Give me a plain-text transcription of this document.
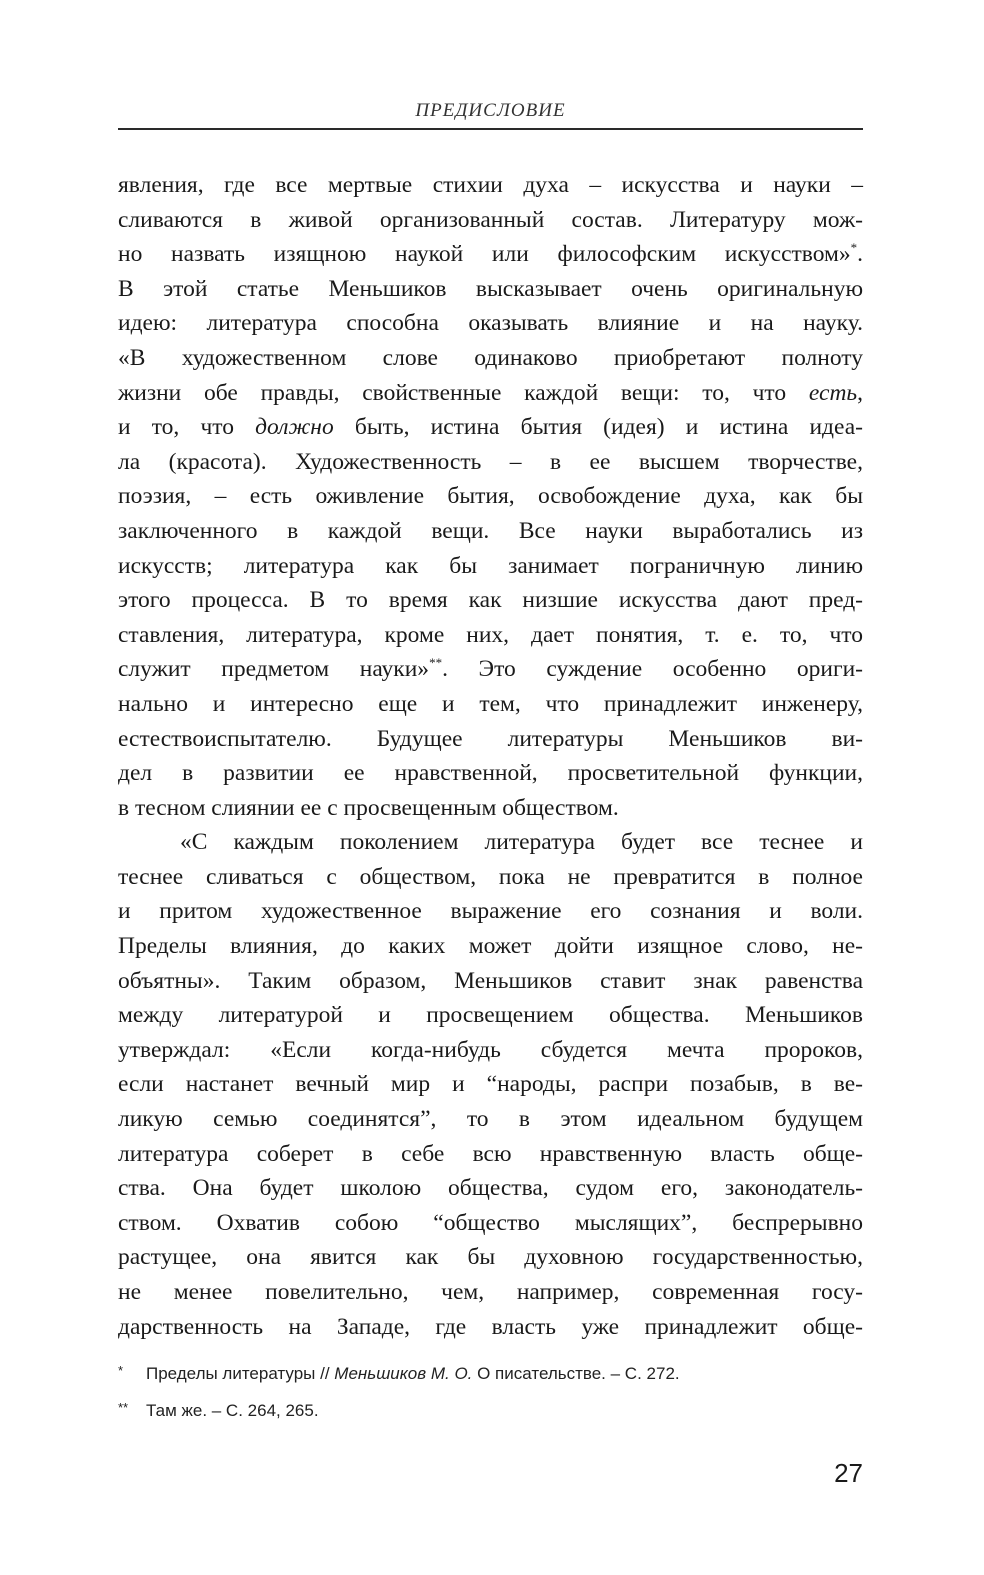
ПРЕДИСЛОВИЕ
явления, где все мертвые стихии духа – искусства и науки –
сливаются в живой организованный состав. Литературу мож-
но назвать изящною наукой или философским искусством»*.
В этой статье Меньшиков высказывает очень оригинальную
идею: литература способна оказывать влияние и на науку.
«В художественном слове одинаково приобретают полноту
жизни обе правды, свойственные каждой вещи: то, что есть,
и то, что должно быть, истина бытия (идея) и истина идеа-
ла (красота). Художественность – в ее высшем творчестве,
поэзия, – есть оживление бытия, освобождение духа, как бы
заключенного в каждой вещи. Все науки выработались из
искусств; литература как бы занимает пограничную линию
этого процесса. В то время как низшие искусства дают пред-
ставления, литература, кроме них, дает понятия, т. е. то, что
служит предметом науки»**. Это суждение особенно ориги-
нально и интересно еще и тем, что принадлежит инженеру,
естествоиспытателю. Будущее литературы Меньшиков ви-
дел в развитии ее нравственной, просветительной функции,
в тесном слиянии ее с просвещенным обществом.
«С каждым поколением литература будет все теснее и
теснее сливаться с обществом, пока не превратится в полное
и притом художественное выражение его сознания и воли.
Пределы влияния, до каких может дойти изящное слово, не-
объятны». Таким образом, Меньшиков ставит знак равенства
между литературой и просвещением общества. Меньшиков
утверждал: «Если когда-нибудь сбудется мечта пророков,
если настанет вечный мир и “народы, распри позабыв, в ве-
ликую семью соединятся”, то в этом идеальном будущем
литература соберет в себе всю нравственную власть обще-
ства. Она будет школою общества, судом его, законодатель-
ством. Охватив собою “общество мыслящих”, беспрерывно
растущее, она явится как бы духовною государственностью,
не менее повелительно, чем, например, современная госу-
дарственность на Западе, где власть уже принадлежит обще-
* Пределы литературы // Меньшиков М. О. О писательстве. – С. 272.
** Там же. – С. 264, 265.
27
